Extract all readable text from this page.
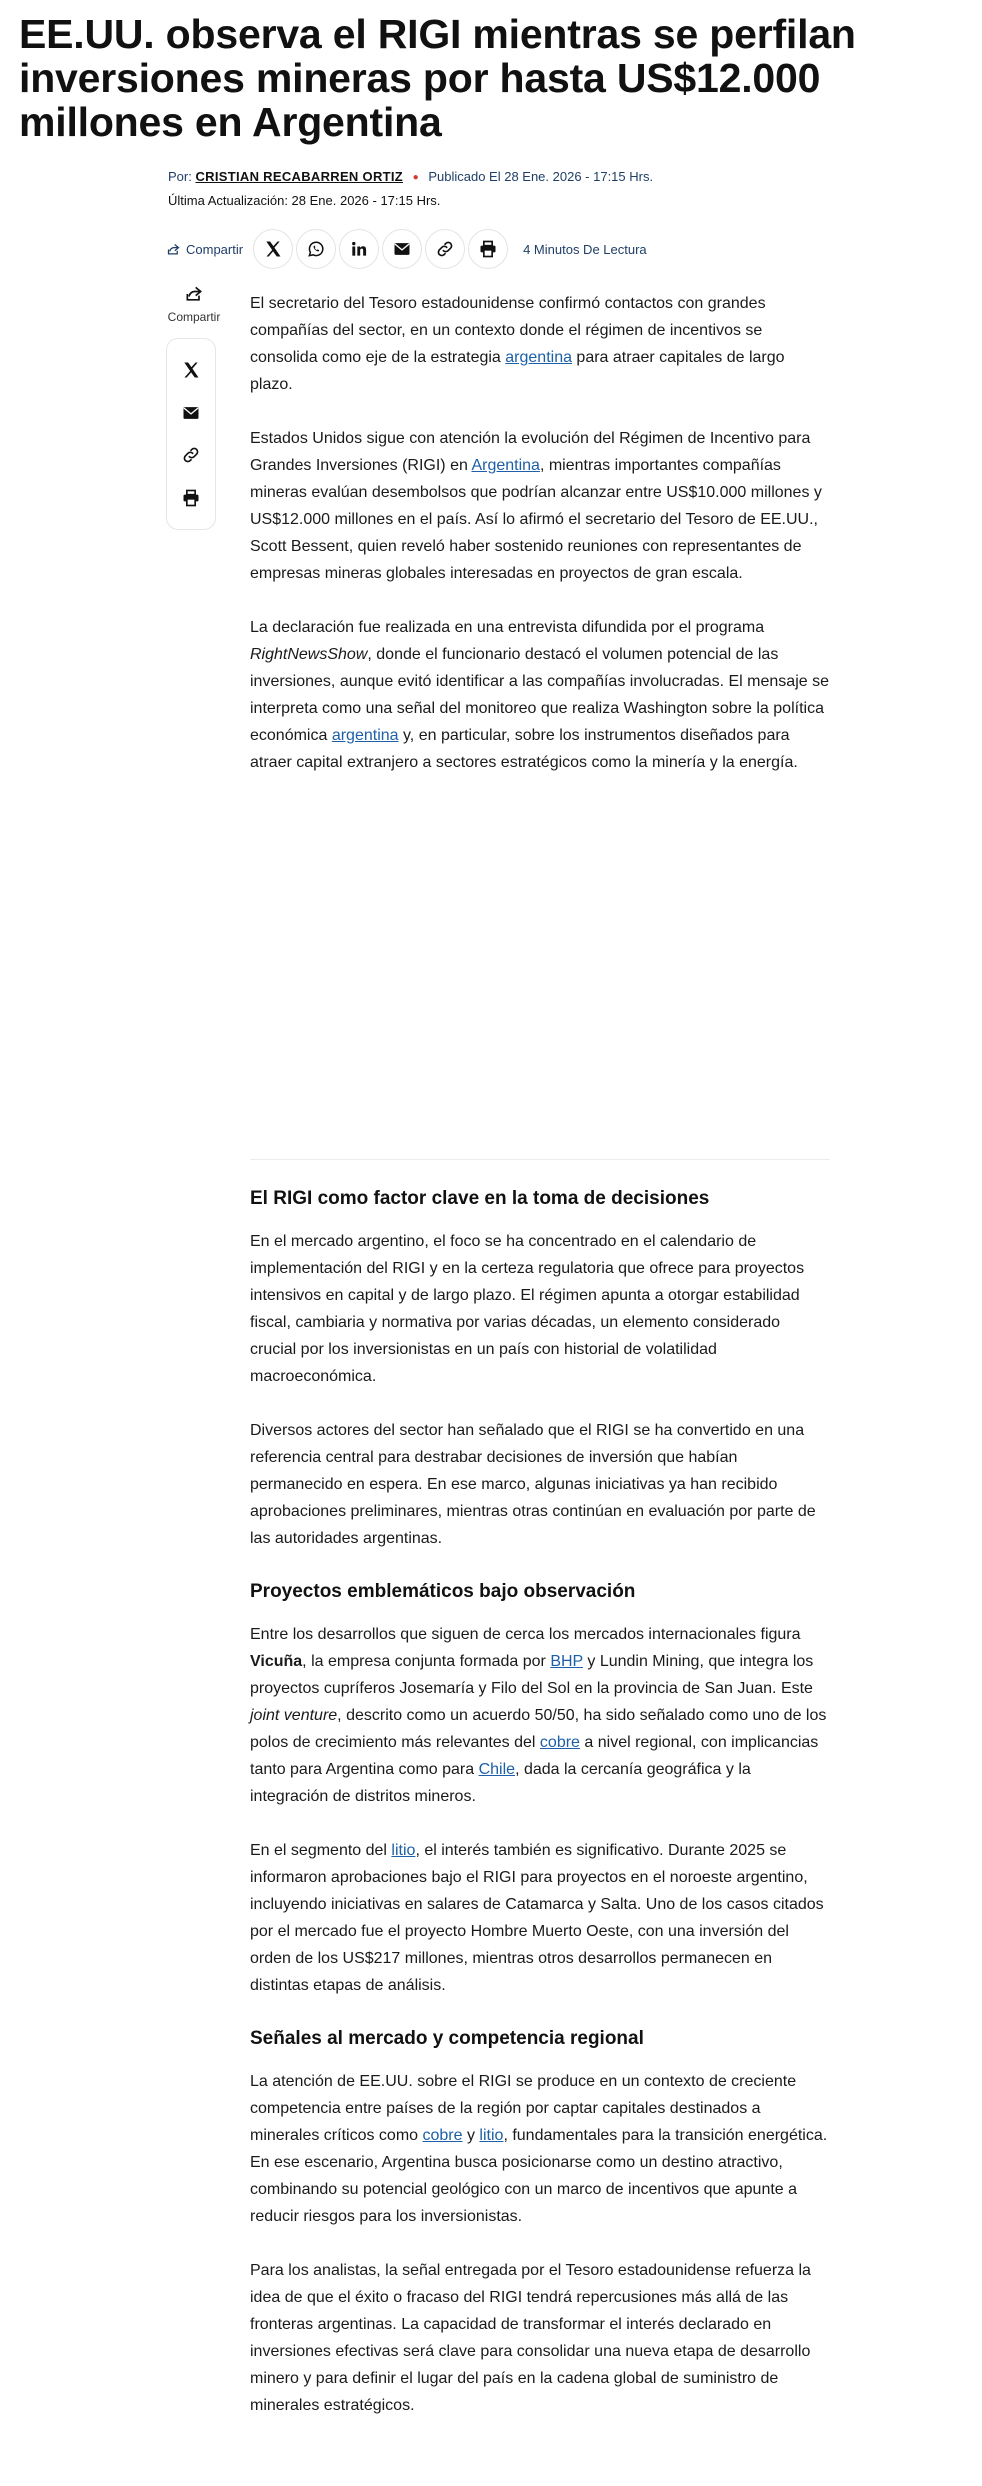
EE.UU. observa el RIGI mientras se perfilan inversiones mineras por hasta US$12.000 millones en Argentina
Por: CRISTIAN RECABARREN ORTIZ ● Publicado El 28 Ene. 2026 - 17:15 Hrs.
Última Actualización: 28 Ene. 2026 - 17:15 Hrs.
Compartir	4 Minutos De Lectura
Compartir

El secretario del Tesoro estadounidense confirmó contactos con grandes compañías del sector, en un contexto donde el régimen de incentivos se consolida como eje de la estrategia argentina para atraer capitales de largo plazo.

Estados Unidos sigue con atención la evolución del Régimen de Incentivo para Grandes Inversiones (RIGI) en Argentina, mientras importantes compañías mineras evalúan desembolsos que podrían alcanzar entre US$10.000 millones y US$12.000 millones en el país. Así lo afirmó el secretario del Tesoro de EE.UU., Scott Bessent, quien reveló haber sostenido reuniones con representantes de empresas mineras globales interesadas en proyectos de gran escala.

La declaración fue realizada en una entrevista difundida por el programa RightNewsShow, donde el funcionario destacó el volumen potencial de las inversiones, aunque evitó identificar a las compañías involucradas. El mensaje se interpreta como una señal del monitoreo que realiza Washington sobre la política económica argentina y, en particular, sobre los instrumentos diseñados para atraer capital extranjero a sectores estratégicos como la minería y la energía.

El RIGI como factor clave en la toma de decisiones

En el mercado argentino, el foco se ha concentrado en el calendario de implementación del RIGI y en la certeza regulatoria que ofrece para proyectos intensivos en capital y de largo plazo. El régimen apunta a otorgar estabilidad fiscal, cambiaria y normativa por varias décadas, un elemento considerado crucial por los inversionistas en un país con historial de volatilidad macroeconómica.

Diversos actores del sector han señalado que el RIGI se ha convertido en una referencia central para destrabar decisiones de inversión que habían permanecido en espera. En ese marco, algunas iniciativas ya han recibido aprobaciones preliminares, mientras otras continúan en evaluación por parte de las autoridades argentinas.

Proyectos emblemáticos bajo observación

Entre los desarrollos que siguen de cerca los mercados internacionales figura Vicuña, la empresa conjunta formada por BHP y Lundin Mining, que integra los proyectos cupríferos Josemaría y Filo del Sol en la provincia de San Juan. Este joint venture, descrito como un acuerdo 50/50, ha sido señalado como uno de los polos de crecimiento más relevantes del cobre a nivel regional, con implicancias tanto para Argentina como para Chile, dada la cercanía geográfica y la integración de distritos mineros.

En el segmento del litio, el interés también es significativo. Durante 2025 se informaron aprobaciones bajo el RIGI para proyectos en el noroeste argentino, incluyendo iniciativas en salares de Catamarca y Salta. Uno de los casos citados por el mercado fue el proyecto Hombre Muerto Oeste, con una inversión del orden de los US$217 millones, mientras otros desarrollos permanecen en distintas etapas de análisis.

Señales al mercado y competencia regional

La atención de EE.UU. sobre el RIGI se produce en un contexto de creciente competencia entre países de la región por captar capitales destinados a minerales críticos como cobre y litio, fundamentales para la transición energética. En ese escenario, Argentina busca posicionarse como un destino atractivo, combinando su potencial geológico con un marco de incentivos que apunte a reducir riesgos para los inversionistas.

Para los analistas, la señal entregada por el Tesoro estadounidense refuerza la idea de que el éxito o fracaso del RIGI tendrá repercusiones más allá de las fronteras argentinas. La capacidad de transformar el interés declarado en inversiones efectivas será clave para consolidar una nueva etapa de desarrollo minero y para definir el lugar del país en la cadena global de suministro de minerales estratégicos.
